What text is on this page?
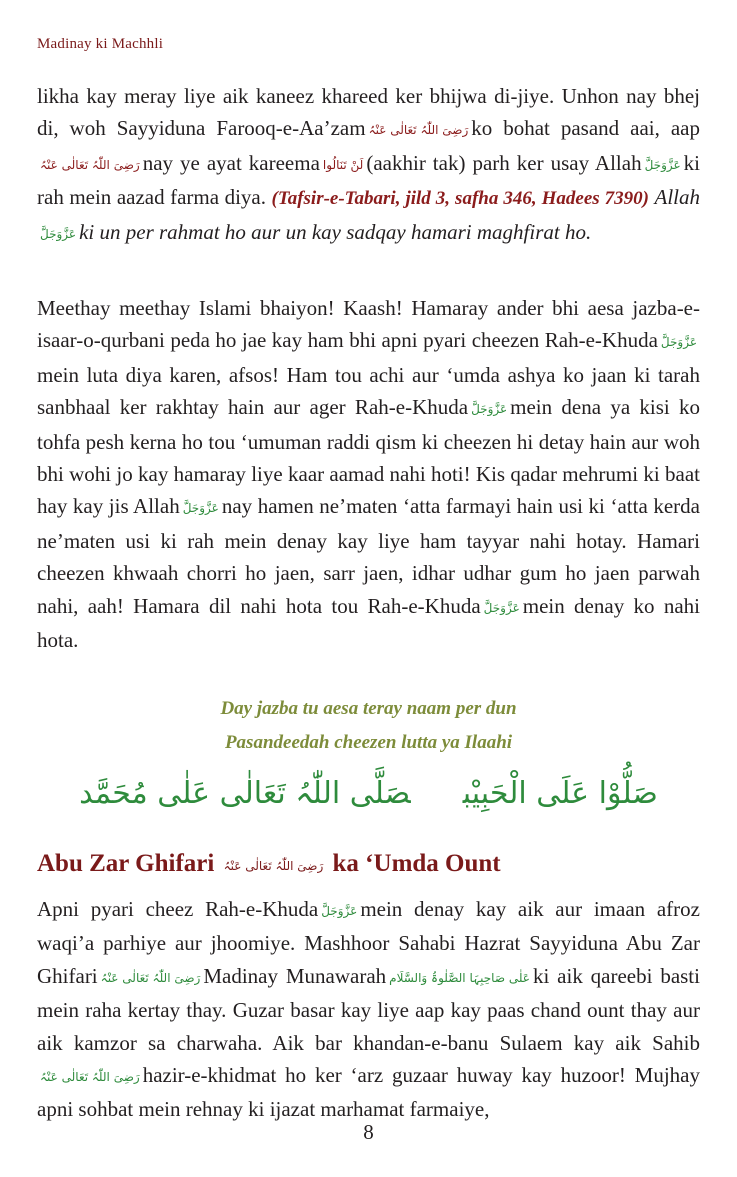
Madinay ki Machhli

likha kay meray liye aik kaneez khareed ker bhijwa di-jiye. Unhon nay bhej di, woh Sayyiduna Farooq-e-Aa’zam رَضِیَ اللّٰہُ تَعَالٰی عَنْہُ ko bohat pasand aai, aapرَضِیَ اللّٰہُ تَعَالٰی عَنْہُ nay ye ayat kareema لَنْ تَنَالُوا (aakhir tak) parh ker usay Allah عَزَّوَجَلَّ ki rah mein aazad farma diya. (Tafsir-e-Tabari, jild 3, safha 346, Hadees 7390) Allahعَزَّوَجَلَّ ki un per rahmat ho aur un kay sadqay hamari maghfirat ho.

Meethay meethay Islami bhaiyon! Kaash! Hamaray ander bhi aesa jazba-e-isaar-o-qurbani peda ho jae kay ham bhi apni pyari cheezen Rah-e-Khuda عَزَّوَجَلَّmein luta diya karen, afsos! Ham tou achi aur ‘umda ashya ko jaan ki tarah sanbhaal ker rakhtay hain aur ager Rah-e-Khuda عَزَّوَجَلَّ mein dena ya kisi ko tohfa pesh kerna ho tou ‘umuman raddi qism ki cheezen hi detay hain aur woh bhi wohi jo kay hamaray liye kaar aamad nahi hoti! Kis qadar mehrumi ki baat hay kay jis Allah عَزَّوَجَلَّ nay hamen ne’maten ‘atta farmayi hain usi ki ‘atta kerda ne’maten usi ki rah mein denay kay liye ham tayyar nahi hotay. Hamari cheezen khwaah chorri ho jaen, sarr jaen, idhar udhar gum ho jaen parwah nahi, aah! Hamara dil nahi hota tou Rah-e-Khuda عَزَّوَجَلَّ mein denay ko nahi hota.

Day jazba tu aesa teray naam per dun
Pasandeedah cheezen lutta ya Ilaahi
صَلُّوْا عَلَی الْحَبِیْبصَلَّی اللّٰہُ تَعَالٰی عَلٰی مُحَمَّد
Abu Zar Ghifari رَضِیَ اللّٰہُ تَعَالٰی عَنْہُ ka ‘Umda Ount

Apni pyari cheez Rah-e-Khuda عَزَّوَجَلَّ mein denay kay aik aur imaan afroz waqi’a parhiye aur jhoomiye. Mashhoor Sahabi Hazrat Sayyiduna Abu Zar Ghifari رَضِیَ اللّٰہُ تَعَالٰی عَنْہُ Madinay Munawarah عَلٰی صَاحِبِہَا الصَّلٰوۃُ وَالسَّلَام ki aik qareebi basti mein raha kertay thay. Guzar basar kay liye aap kay paas chand ount thay aur aik kamzor sa charwaha. Aik bar khandan-e-banu Sulaem kay aik Sahibرَضِیَ اللّٰہُ تَعَالٰی عَنْہُ hazir-e-khidmat ho ker ‘arz guzaar huway kay huzoor! Mujhay apni sohbat mein rehnay ki ijazat marhamat farmaiye,

8
